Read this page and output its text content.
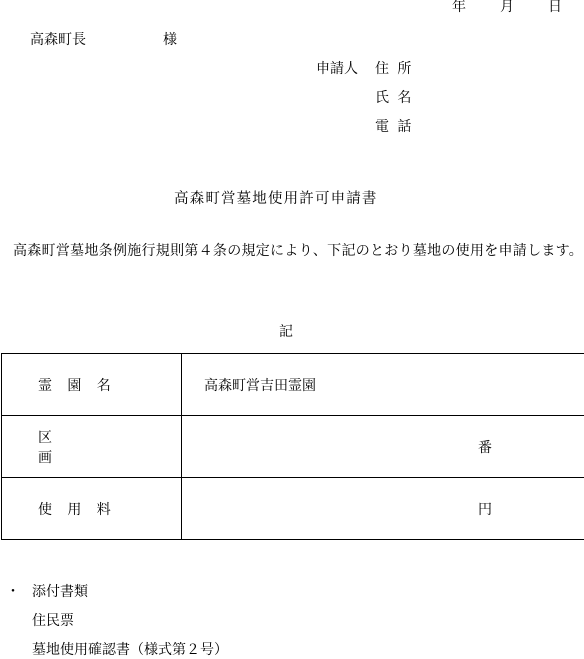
年 月 日
高森町長	様
申請人 住所
氏名
電話
高森町営墓地使用許可申請書
高森町営墓地条例施行規則第４条の規定により、下記のとおり墓地の使用を申請します。
記
霊園名	高森町営吉田霊園
区画	番

使用料	円
・ 添付書類
住民票
墓地使用確認書（様式第２号）
